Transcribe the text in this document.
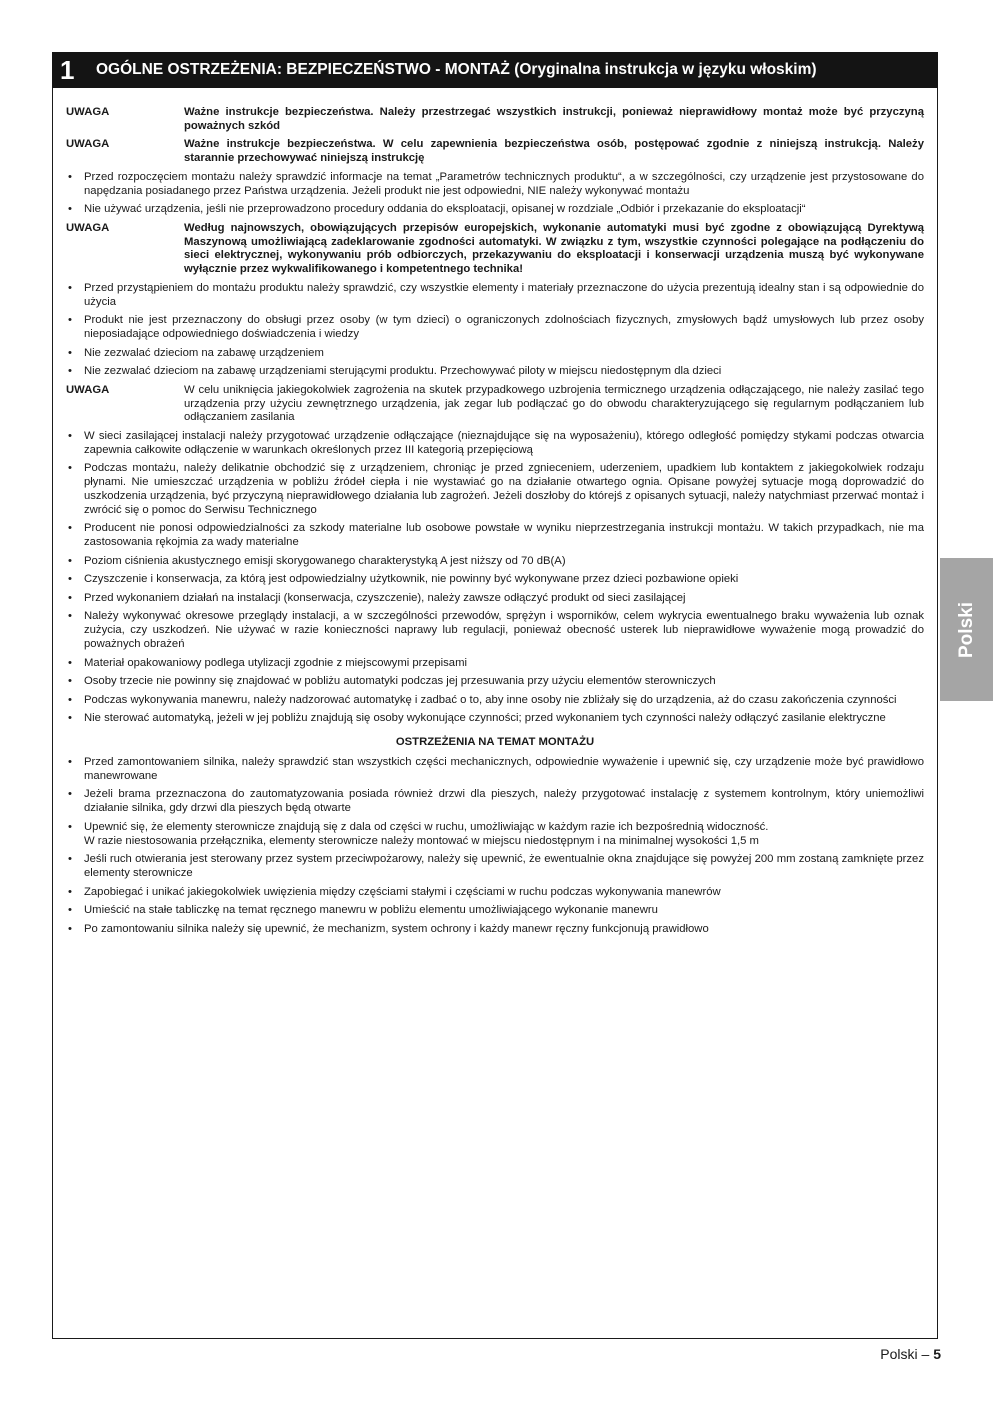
1 OGÓLNE OSTRZEŻENIA: BEZPIECZEŃSTWO - MONTAŻ (Oryginalna instrukcja w języku włoskim)
UWAGA	Ważne instrukcje bezpieczeństwa. Należy przestrzegać wszystkich instrukcji, ponieważ nieprawidłowy montaż może być przyczyną poważnych szkód
UWAGA	Ważne instrukcje bezpieczeństwa. W celu zapewnienia bezpieczeństwa osób, postępować zgodnie z niniejszą instrukcją. Należy starannie przechowywać niniejszą instrukcję
• Przed rozpoczęciem montażu należy sprawdzić informacje na temat „Parametrów technicznych produktu“, a w szczególności, czy urządzenie jest przystosowane do napędzania posiadanego przez Państwa urządzenia. Jeżeli produkt nie jest odpowiedni, NIE należy wykonywać montażu
• Nie używać urządzenia, jeśli nie przeprowadzono procedury oddania do eksploatacji, opisanej w rozdziale „Odbiór i przekazanie do eksploatacji“
UWAGA	Według najnowszych, obowiązujących przepisów europejskich, wykonanie automatyki musi być zgodne z obowiązującą Dyrektywą Maszynową umożliwiającą zadeklarowanie zgodności automatyki. W związku z tym, wszystkie czynności polegające na podłączeniu do sieci elektrycznej, wykonywaniu prób odbiorczych, przekazywaniu do eksploatacji i konserwacji urządzenia muszą być wykonywane wyłącznie przez wykwalifikowanego i kompetentnego technika!
• Przed przystąpieniem do montażu produktu należy sprawdzić, czy wszystkie elementy i materiały przeznaczone do użycia prezentują idealny stan i są odpowiednie do użycia
• Produkt nie jest przeznaczony do obsługi przez osoby (w tym dzieci) o ograniczonych zdolnościach fizycznych, zmysłowych bądź umysłowych lub przez osoby nieposiadające odpowiedniego doświadczenia i wiedzy
• Nie zezwalać dzieciom na zabawę urządzeniem
• Nie zezwalać dzieciom na zabawę urządzeniami sterującymi produktu. Przechowywać piloty w miejscu niedostępnym dla dzieci
UWAGA	W celu uniknięcia jakiegokolwiek zagrożenia na skutek przypadkowego uzbrojenia termicznego urządzenia odłączającego, nie należy zasilać tego urządzenia przy użyciu zewnętrznego urządzenia, jak zegar lub podłączać go do obwodu charakteryzującego się regularnym podłączaniem lub odłączaniem zasilania
• W sieci zasilającej instalacji należy przygotować urządzenie odłączające (nieznajdujące się na wyposażeniu), którego odległość pomiędzy stykami podczas otwarcia zapewnia całkowite odłączenie w warunkach określonych przez III kategorią przepięciową
• Podczas montażu, należy delikatnie obchodzić się z urządzeniem, chroniąc je przed zgnieceniem, uderzeniem, upadkiem lub kontaktem z jakiegokolwiek rodzaju płynami. Nie umieszczać urządzenia w pobliżu źródeł ciepła i nie wystawiać go na działanie otwartego ognia. Opisane powyżej sytuacje mogą doprowadzić do uszkodzenia urządzenia, być przyczyną nieprawidłowego działania lub zagrożeń. Jeżeli doszłoby do którejś z opisanych sytuacji, należy natychmiast przerwać montaż i zwrócić się o pomoc do Serwisu Technicznego
• Producent nie ponosi odpowiedzialności za szkody materialne lub osobowe powstałe w wyniku nieprzestrzegania instrukcji montażu. W takich przypadkach, nie ma zastosowania rękojmia za wady materialne
• Poziom ciśnienia akustycznego emisji skorygowanego charakterystyką A jest niższy od 70 dB(A)
• Czyszczenie i konserwacja, za którą jest odpowiedzialny użytkownik, nie powinny być wykonywane przez dzieci pozbawione opieki
• Przed wykonaniem działań na instalacji (konserwacja, czyszczenie), należy zawsze odłączyć produkt od sieci zasilającej
• Należy wykonywać okresowe przeglądy instalacji, a w szczególności przewodów, sprężyn i wsporników, celem wykrycia ewentualnego braku wyważenia lub oznak zużycia, czy uszkodzeń. Nie używać w razie konieczności naprawy lub regulacji, ponieważ obecność usterek lub nieprawidłowe wyważenie mogą prowadzić do poważnych obrażeń
• Materiał opakowaniowy podlega utylizacji zgodnie z miejscowymi przepisami
• Osoby trzecie nie powinny się znajdować w pobliżu automatyki podczas jej przesuwania przy użyciu elementów sterowniczych
• Podczas wykonywania manewru, należy nadzorować automatykę i zadbać o to, aby inne osoby nie zbliżały się do urządzenia, aż do czasu zakończenia czynności
• Nie sterować automatyką, jeżeli w jej pobliżu znajdują się osoby wykonujące czynności; przed wykonaniem tych czynności należy odłączyć zasilanie elektryczne
OSTRZEŻENIA NA TEMAT MONTAŻU
• Przed zamontowaniem silnika, należy sprawdzić stan wszystkich części mechanicznych, odpowiednie wyważenie i upewnić się, czy urządzenie może być prawidłowo manewrowane
• Jeżeli brama przeznaczona do zautomatyzowania posiada również drzwi dla pieszych, należy przygotować instalację z systemem kontrolnym, który uniemożliwi działanie silnika, gdy drzwi dla pieszych będą otwarte
• Upewnić się, że elementy sterownicze znajdują się z dala od części w ruchu, umożliwiając w każdym razie ich bezpośrednią widoczność.
W razie niestosowania przełącznika, elementy sterownicze należy montować w miejscu niedostępnym i na minimalnej wysokości 1,5 m
• Jeśli ruch otwierania jest sterowany przez system przeciwpożarowy, należy się upewnić, że ewentualnie okna znajdujące się powyżej 200 mm zostaną zamknięte przez elementy sterownicze
• Zapobiegać i unikać jakiegokolwiek uwięzienia między częściami stałymi i częściami w ruchu podczas wykonywania manewrów
• Umieścić na stałe tabliczkę na temat ręcznego manewru w pobliżu elementu umożliwiającego wykonanie manewru
• Po zamontowaniu silnika należy się upewnić, że mechanizm, system ochrony i każdy manewr ręczny funkcjonują prawidłowo
Polski
Polski – 5
